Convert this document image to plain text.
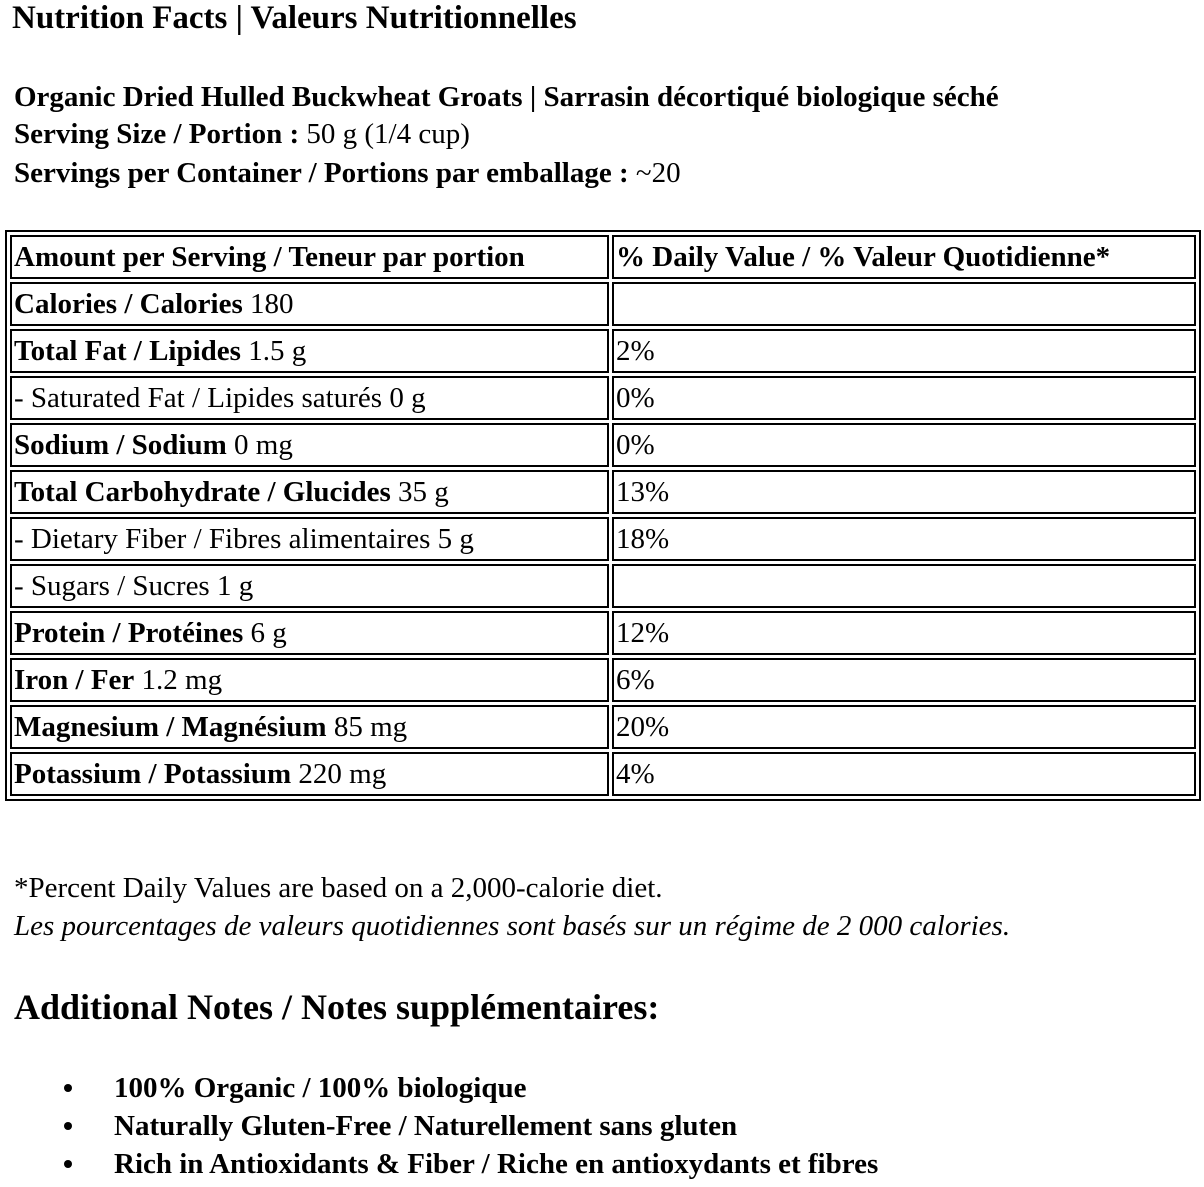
Nutrition Facts | Valeurs Nutritionnelles
Organic Dried Hulled Buckwheat Groats | Sarrasin décortiqué biologique séché
Serving Size / Portion : 50 g (1/4 cup)
Servings per Container / Portions par emballage : ~20
Amount per Serving / Teneur par portion	% Daily Value / % Valeur Quotidienne*
Calories / Calories 180	
Total Fat / Lipides 1.5 g	2%
- Saturated Fat / Lipides saturés 0 g	0%
Sodium / Sodium 0 mg	0%
Total Carbohydrate / Glucides 35 g	13%
- Dietary Fiber / Fibres alimentaires 5 g	18%
- Sugars / Sucres 1 g	
Protein / Protéines 6 g	12%
Iron / Fer 1.2 mg	6%
Magnesium / Magnésium 85 mg	20%
Potassium / Potassium 220 mg	4%
*Percent Daily Values are based on a 2,000-calorie diet.
Les pourcentages de valeurs quotidiennes sont basés sur un régime de 2 000 calories.
Additional Notes / Notes supplémentaires:
100% Organic / 100% biologique
Naturally Gluten-Free / Naturellement sans gluten
Rich in Antioxidants & Fiber / Riche en antioxydants et fibres
